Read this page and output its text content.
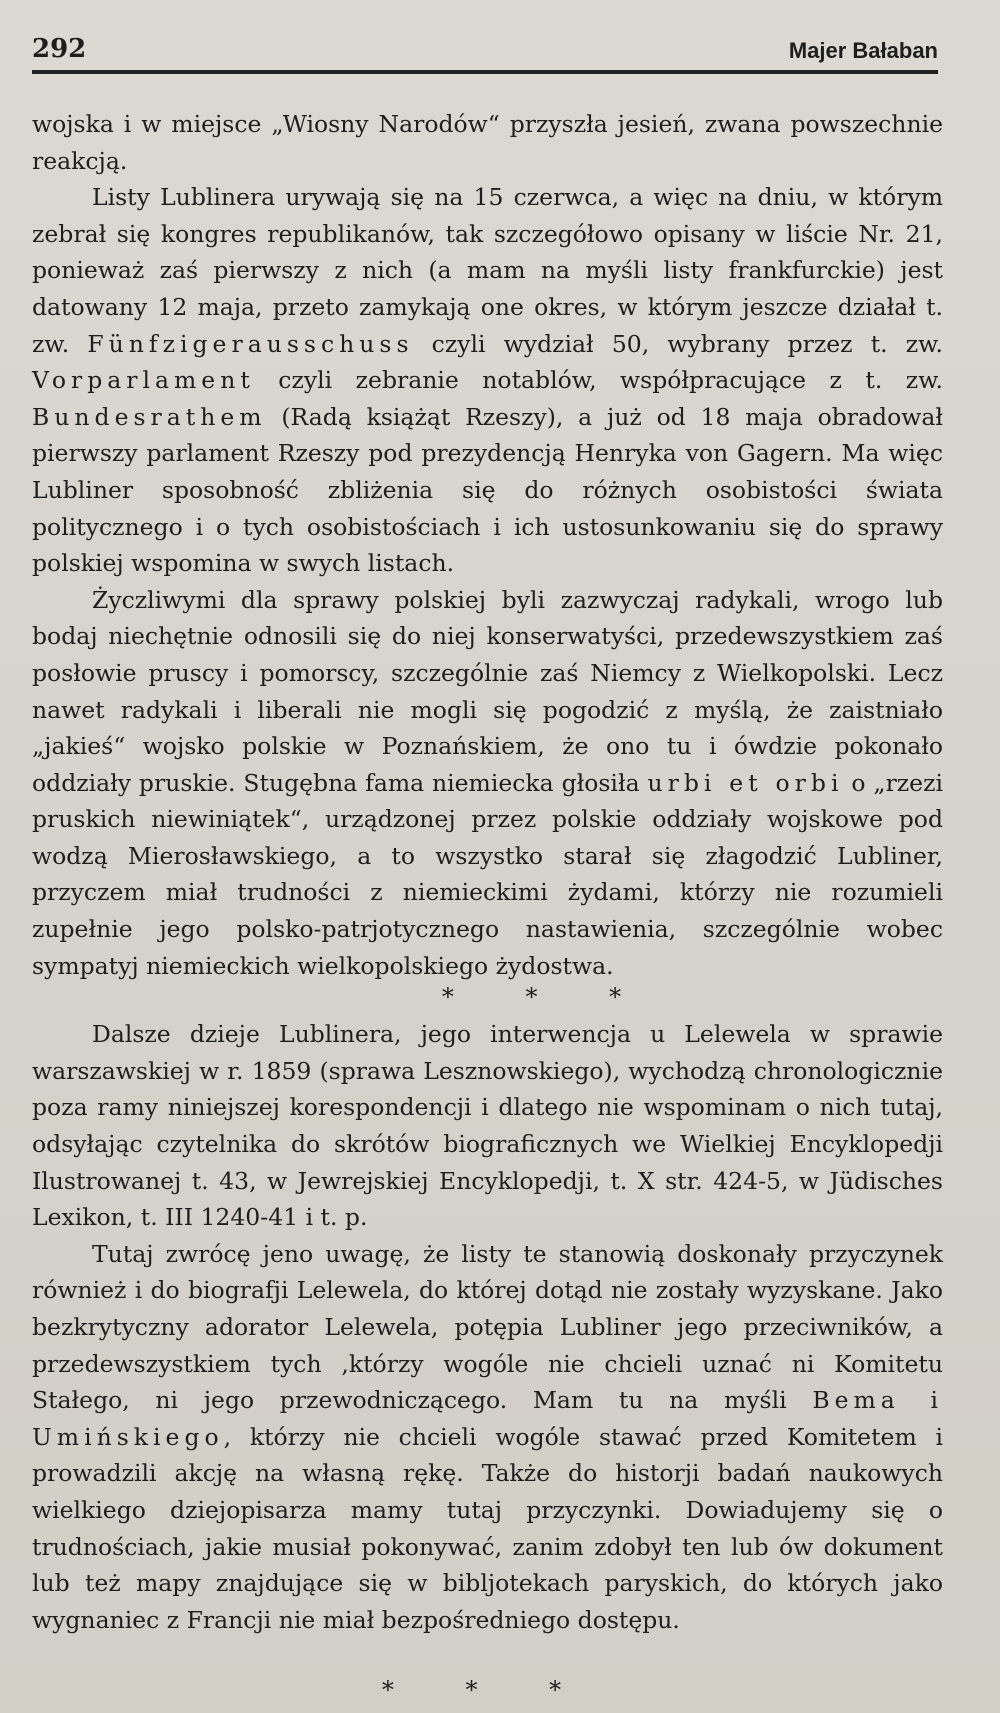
292	Majer Bałaban

wojska i w miejsce „Wiosny Narodów“ przyszła jesień, zwana powszechnie reakcją.

Listy Lublinera urywają się na 15 czerwca, a więc na dniu, w którym zebrał się kongres republikanów, tak szczegółowo opisany w liście Nr. 21, ponieważ zaś pierwszy z nich (a mam na myśli listy frankfurckie) jest datowany 12 maja, przeto zamykają one okres, w którym jeszcze działał t. zw. Fünfzigerausschuss czyli wydział 50, wybrany przez t. zw. Vorparlament czyli zebranie notablów, współpracujące z t. zw. Bundesrathem (Radą książąt Rzeszy), a już od 18 maja obradował pierwszy parlament Rzeszy pod prezydencją Henryka von Gagern. Ma więc Lubliner sposobność zbliżenia się do różnych osobistości świata politycznego i o tych osobistościach i ich ustosunkowaniu się do sprawy polskiej wspomina w swych listach.

Życzliwymi dla sprawy polskiej byli zazwyczaj radykali, wrogo lub bodaj niechętnie odnosili się do niej konserwatyści, przedewszystkiem zaś posłowie pruscy i pomorscy, szczególnie zaś Niemcy z Wielkopolski. Lecz nawet radykali i liberali nie mogli się pogodzić z myślą, że zaistniało „jakieś“ wojsko polskie w Poznańskiem, że ono tu i ówdzie pokonało oddziały pruskie. Stugębna fama niemiecka głosiła urbi et orbi o „rzezi pruskich niewiniątek“, urządzonej przez polskie oddziały wojskowe pod wodzą Mierosławskiego, a to wszystko starał się złagodzić Lubliner, przyczem miał trudności z niemieckimi żydami, którzy nie rozumieli zupełnie jego polsko-patrjotycznego nastawienia, szczególnie wobec sympatyj niemieckich wielkopolskiego żydostwa.

* * *

Dalsze dzieje Lublinera, jego interwencja u Lelewela w sprawie warszawskiej w r. 1859 (sprawa Lesznowskiego), wychodzą chronologicznie poza ramy niniejszej korespondencji i dlatego nie wspominam o nich tutaj, odsyłając czytelnika do skrótów biograficznych we Wielkiej Encyklopedji Ilustrowanej t. 43, w Jewrejskiej Encyklopedji, t. X str. 424-5, w Jüdisches Lexikon, t. III 1240-41 i t. p.

Tutaj zwrócę jeno uwagę, że listy te stanowią doskonały przyczynek również i do biografji Lelewela, do której dotąd nie zostały wyzyskane. Jako bezkrytyczny adorator Lelewela, potępia Lubliner jego przeciwników, a przedewszystkiem tych ,którzy wogóle nie chcieli uznać ni Komitetu Stałego, ni jego przewodniczącego. Mam tu na myśli Bema i Umińskiego, którzy nie chcieli wogóle stawać przed Komitetem i prowadzili akcję na własną rękę. Także do historji badań naukowych wielkiego dziejopisarza mamy tutaj przyczynki. Dowiadujemy się o trudnościach, jakie musiał pokonywać, zanim zdobył ten lub ów dokument lub też mapy znajdujące się w bibljotekach paryskich, do których jako wygnaniec z Francji nie miał bezpośredniego dostępu.

* * *
